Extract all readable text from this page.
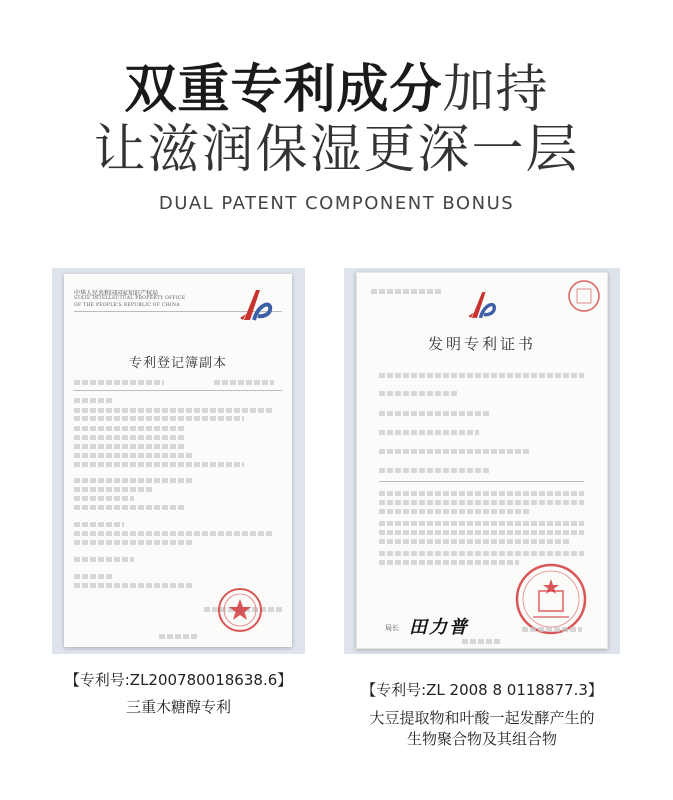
双重专利成分加持
让滋润保湿更深一层
DUAL PATENT COMPONENT BONUS
中华人民共和国国家知识产权局
STATE INTELLECTUAL PROPERTY OFFICE
OF THE PEOPLE'S REPUBLIC OF CHINA
专利登记簿副本
发明专利证书
局长 田力普
【专利号:ZL200780018638.6】
三重木糖醇专利
【专利号:ZL 2008 8 0118877.3】
大豆提取物和叶酸一起发酵产生的
生物聚合物及其组合物
